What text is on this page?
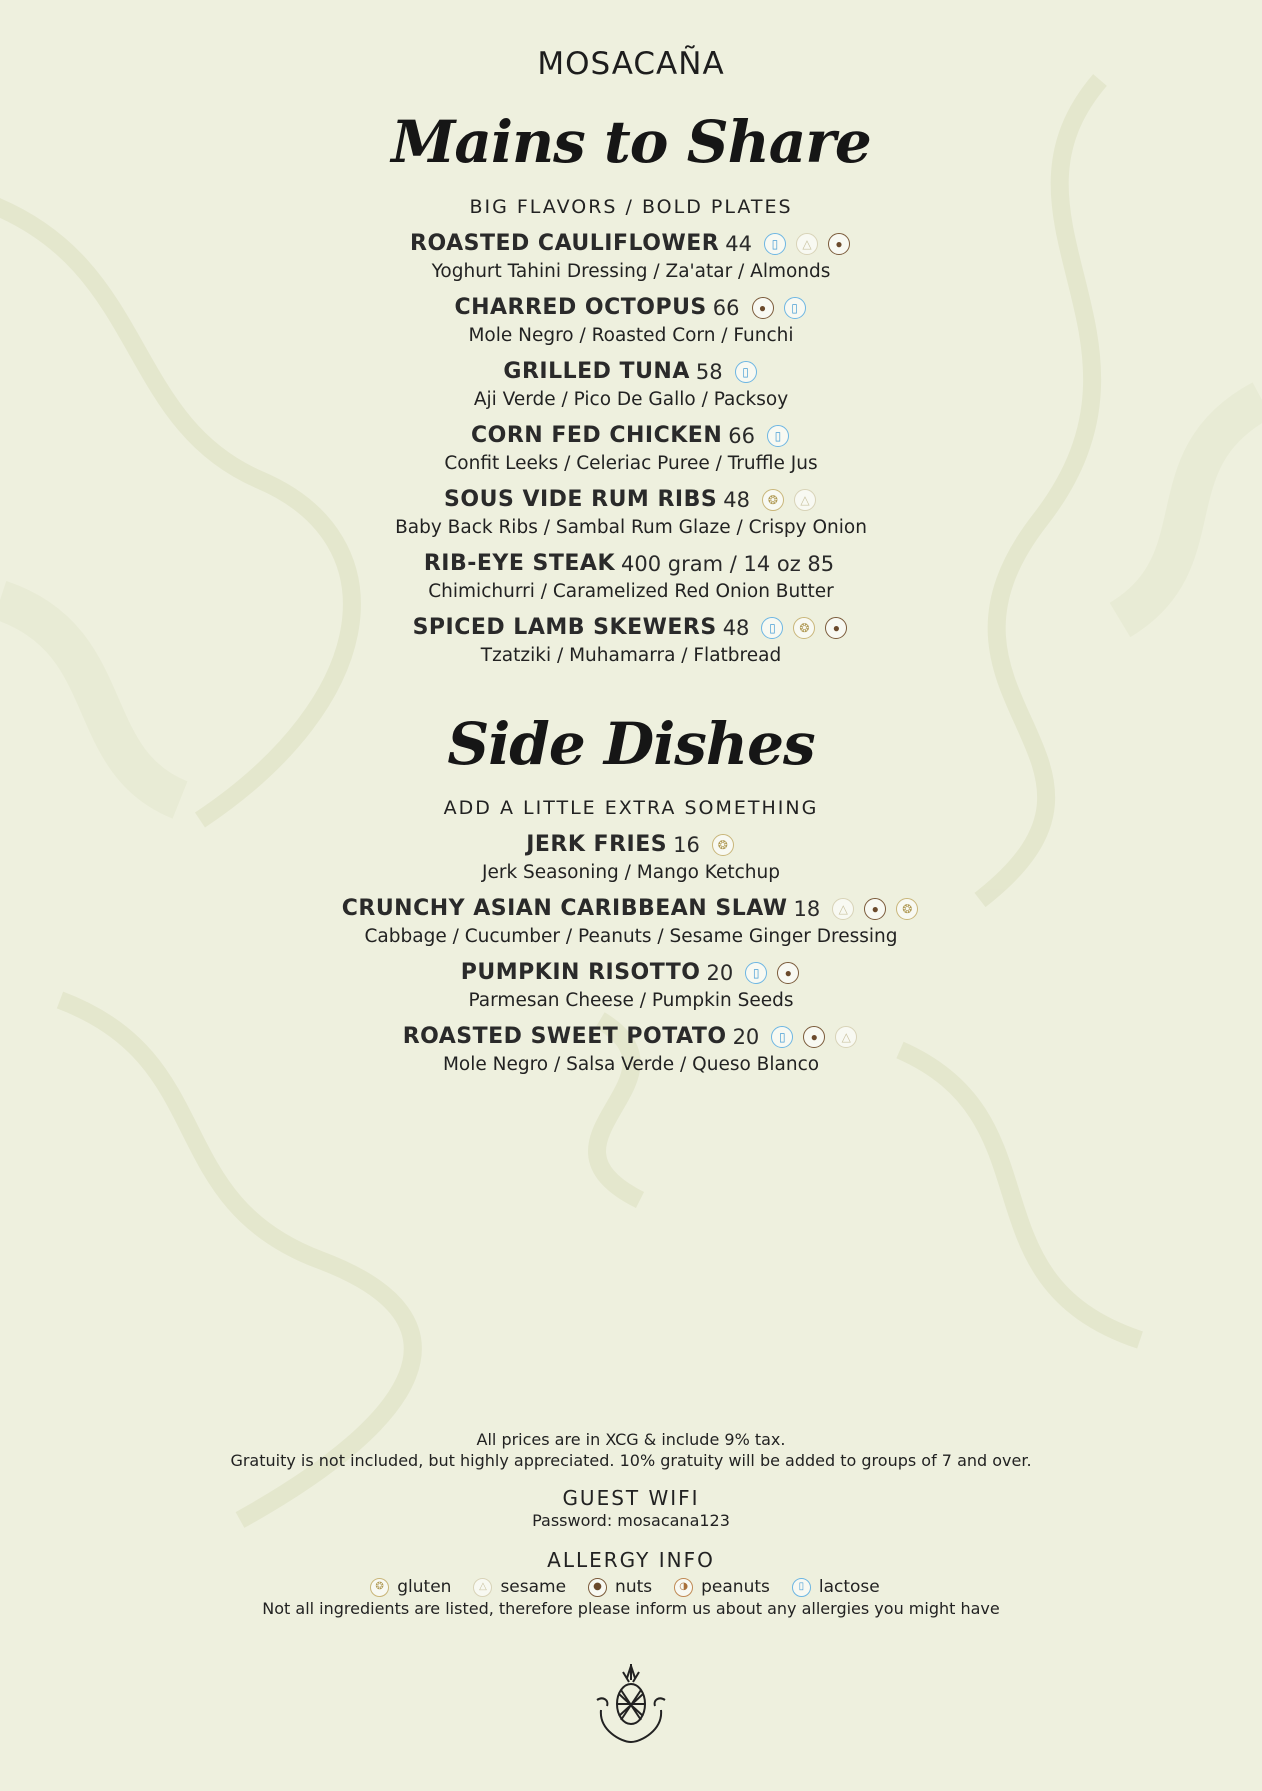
MOSACAÑA
Mains to Share
BIG FLAVORS / BOLD PLATES
ROASTED CAULIFLOWER 44	▯	△	●
Yoghurt Tahini Dressing / Za'atar / Almonds
CHARRED OCTOPUS 66	●	▯
Mole Negro / Roasted Corn / Funchi
GRILLED TUNA 58	▯
Aji Verde / Pico De Gallo / Packsoy
CORN FED CHICKEN 66	▯
Confit Leeks / Celeriac Puree / Truffle Jus
SOUS VIDE RUM RIBS 48	❂	△
Baby Back Ribs / Sambal Rum Glaze / Crispy Onion
RIB-EYE STEAK 400 gram / 14 oz 85
Chimichurri / Caramelized Red Onion Butter
SPICED LAMB SKEWERS 48	▯	❂	●
Tzatziki / Muhamarra / Flatbread
Side Dishes
ADD A LITTLE EXTRA SOMETHING
JERK FRIES 16	❂
Jerk Seasoning / Mango Ketchup
CRUNCHY ASIAN CARIBBEAN SLAW 18	△	●	❂
Cabbage / Cucumber / Peanuts / Sesame Ginger Dressing
PUMPKIN RISOTTO 20	▯	●
Parmesan Cheese / Pumpkin Seeds
ROASTED SWEET POTATO 20	▯	●	△
Mole Negro / Salsa Verde / Queso Blanco
All prices are in XCG & include 9% tax.
Gratuity is not included, but highly appreciated. 10% gratuity will be added to groups of 7 and over.
GUEST WIFI
Password: mosacana123
ALLERGY INFO
❂ gluten	△ sesame	● nuts	◑ peanuts	▯ lactose
Not all ingredients are listed, therefore please inform us about any allergies you might have
